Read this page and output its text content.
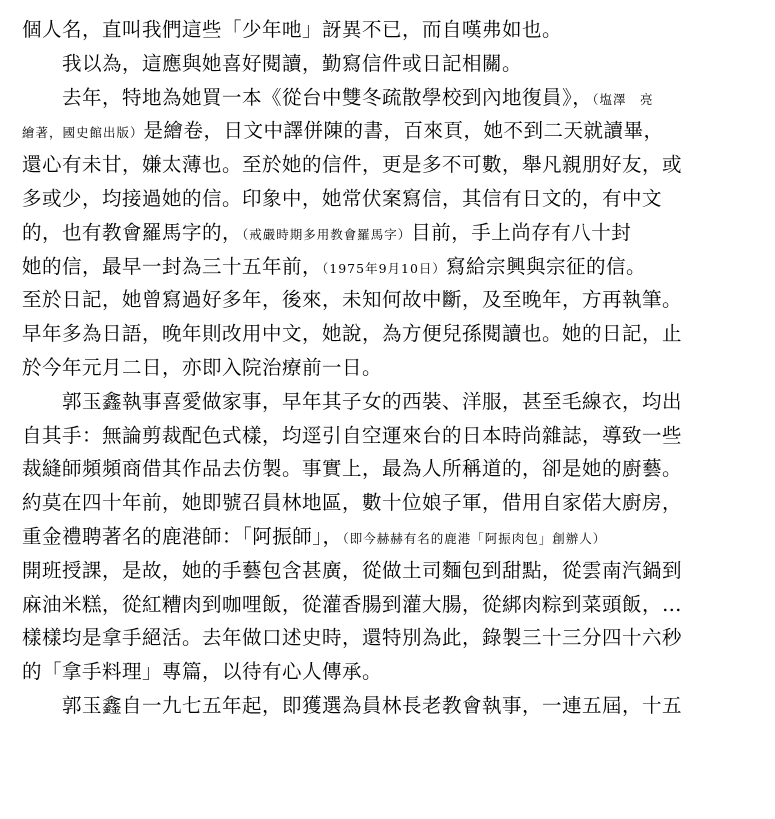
個人名，直叫我們這些「少年吔」訝異不已，而自嘆弗如也。
我以為，這應與她喜好閱讀，勤寫信件或日記相關。
去年，特地為她買一本《從台中雙冬疏散學校到內地復員》，（塩澤　亮
繪著，國史館出版）是繪卷，日文中譯併陳的書，百來頁，她不到二天就讀畢，
還心有未甘，嫌太薄也。至於她的信件，更是多不可數，舉凡親朋好友，或
多或少，均接過她的信。印象中，她常伏案寫信，其信有日文的，有中文
的，也有教會羅馬字的，（戒嚴時期多用教會羅馬字）目前，手上尚存有八十封
她的信，最早一封為三十五年前，（1975年9月10日）寫給宗興與宗征的信。
至於日記，她曾寫過好多年，後來，未知何故中斷，及至晚年，方再執筆。
早年多為日語，晚年則改用中文，她說，為方便兒孫閱讀也。她的日記，止
於今年元月二日，亦即入院治療前一日。
郭玉鑫執事喜愛做家事，早年其子女的西裝、洋服，甚至毛線衣，均出
自其手：無論剪裁配色式樣，均逕引自空運來台的日本時尚雜誌，導致一些
裁縫師頻頻商借其作品去仿製。事實上，最為人所稱道的，卻是她的廚藝。
約莫在四十年前，她即號召員林地區，數十位娘子軍，借用自家偌大廚房，
重金禮聘著名的鹿港師：「阿振師」，（即今赫赫有名的鹿港「阿振肉包」創辦人）
開班授課，是故，她的手藝包含甚廣，從做土司麵包到甜點，從雲南汽鍋到
麻油米糕，從紅糟肉到咖哩飯，從灌香腸到灌大腸，從綁肉粽到菜頭飯，…
樣樣均是拿手絕活。去年做口述史時，還特別為此，錄製三十三分四十六秒
的「拿手料理」專篇，以待有心人傳承。
郭玉鑫自一九七五年起，即獲選為員林長老教會執事，一連五屆，十五
